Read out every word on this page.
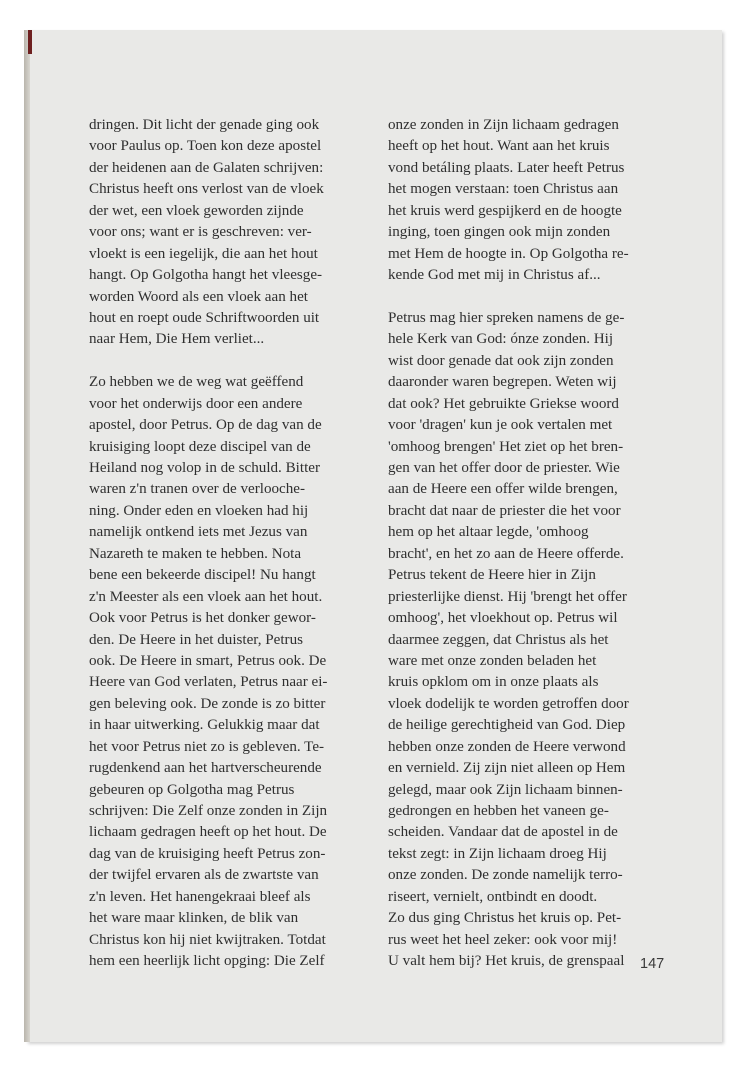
dringen. Dit licht der genade ging ook
voor Paulus op. Toen kon deze apostel
der heidenen aan de Galaten schrijven:
Christus heeft ons verlost van de vloek
der wet, een vloek geworden zijnde
voor ons; want er is geschreven: ver-
vloekt is een iegelijk, die aan het hout
hangt. Op Golgotha hangt het vleesge-
worden Woord als een vloek aan het
hout en roept oude Schriftwoorden uit
naar Hem, Die Hem verliet...
Zo hebben we de weg wat geëffend
voor het onderwijs door een andere
apostel, door Petrus. Op de dag van de
kruisiging loopt deze discipel van de
Heiland nog volop in de schuld. Bitter
waren z'n tranen over de verlooche-
ning. Onder eden en vloeken had hij
namelijk ontkend iets met Jezus van
Nazareth te maken te hebben. Nota
bene een bekeerde discipel! Nu hangt
z'n Meester als een vloek aan het hout.
Ook voor Petrus is het donker gewor-
den. De Heere in het duister, Petrus
ook. De Heere in smart, Petrus ook. De
Heere van God verlaten, Petrus naar ei-
gen beleving ook. De zonde is zo bitter
in haar uitwerking. Gelukkig maar dat
het voor Petrus niet zo is gebleven. Te-
rugdenkend aan het hartverscheurende
gebeuren op Golgotha mag Petrus
schrijven: Die Zelf onze zonden in Zijn
lichaam gedragen heeft op het hout. De
dag van de kruisiging heeft Petrus zon-
der twijfel ervaren als de zwartste van
z'n leven. Het hanengekraai bleef als
het ware maar klinken, de blik van
Christus kon hij niet kwijtraken. Totdat
hem een heerlijk licht opging: Die Zelf
onze zonden in Zijn lichaam gedragen
heeft op het hout. Want aan het kruis
vond betáling plaats. Later heeft Petrus
het mogen verstaan: toen Christus aan
het kruis werd gespijkerd en de hoogte
inging, toen gingen ook mijn zonden
met Hem de hoogte in. Op Golgotha re-
kende God met mij in Christus af...
Petrus mag hier spreken namens de ge-
hele Kerk van God: ónze zonden. Hij
wist door genade dat ook zijn zonden
daaronder waren begrepen. Weten wij
dat ook? Het gebruikte Griekse woord
voor 'dragen' kun je ook vertalen met
'omhoog brengen' Het ziet op het bren-
gen van het offer door de priester. Wie
aan de Heere een offer wilde brengen,
bracht dat naar de priester die het voor
hem op het altaar legde, 'omhoog
bracht', en het zo aan de Heere offerde.
Petrus tekent de Heere hier in Zijn
priesterlijke dienst. Hij 'brengt het offer
omhoog', het vloekhout op. Petrus wil
daarmee zeggen, dat Christus als het
ware met onze zonden beladen het
kruis opklom om in onze plaats als
vloek dodelijk te worden getroffen door
de heilige gerechtigheid van God. Diep
hebben onze zonden de Heere verwond
en vernield. Zij zijn niet alleen op Hem
gelegd, maar ook Zijn lichaam binnen-
gedrongen en hebben het vaneen ge-
scheiden. Vandaar dat de apostel in de
tekst zegt: in Zijn lichaam droeg Hij
onze zonden. De zonde namelijk terro-
riseert, vernielt, ontbindt en doodt.
Zo dus ging Christus het kruis op. Pet-
rus weet het heel zeker: ook voor mij!
U valt hem bij? Het kruis, de grenspaal	147
